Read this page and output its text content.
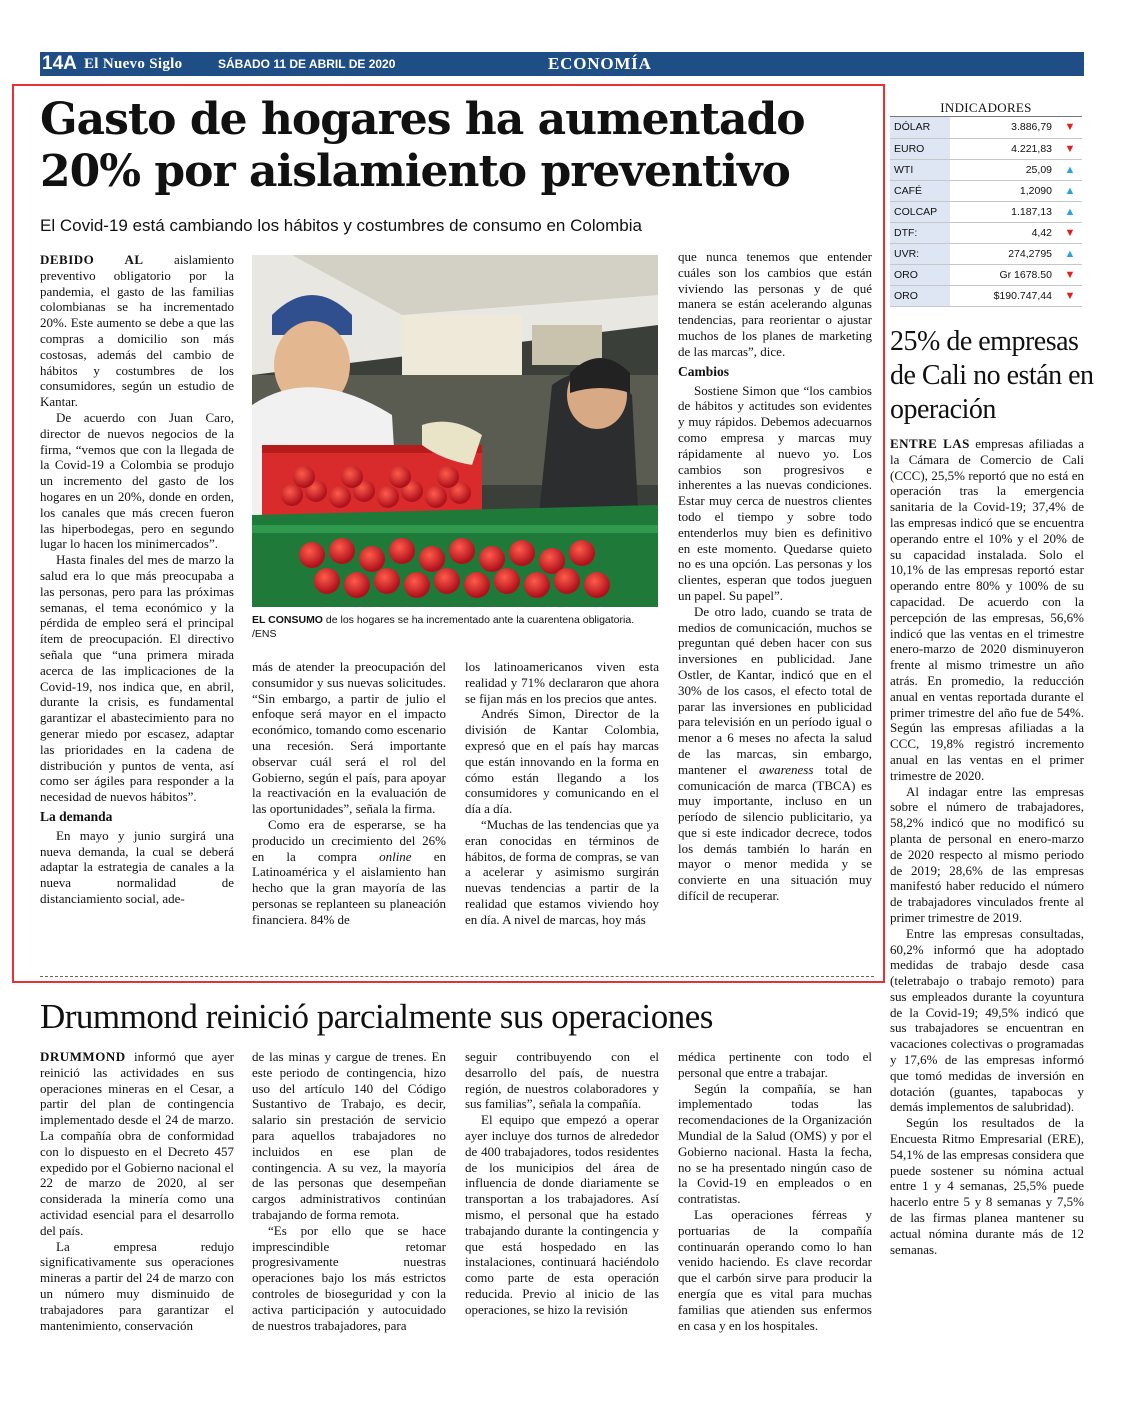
14A El Nuevo Siglo	SÁBADO 11 DE ABRIL DE 2020	ECONOMÍA
Gasto de hogares ha aumentado
20% por aislamiento preventivo
El Covid-19 está cambiando los hábitos y costumbres de consumo en Colombia

DEBIDO AL aislamiento preventivo obligatorio por la pandemia, el gasto de las familias colombianas se ha incrementado 20%. Este aumento se debe a que las compras a domicilio son más costosas, además del cambio de hábitos y costumbres de los consumidores, según un estudio de Kantar.

De acuerdo con Juan Caro, director de nuevos negocios de la firma, “vemos que con la llegada de la Covid-19 a Colombia se produjo un incremento del gasto de los hogares en un 20%, donde en orden, los canales que más crecen fueron las hiperbodegas, pero en segundo lugar lo hacen los minimercados”.

Hasta finales del mes de marzo la salud era lo que más preocupaba a las personas, pero para las próximas semanas, el tema económico y la pérdida de empleo será el principal ítem de preocupación. El directivo señala que “una primera mirada acerca de las implicaciones de la Covid-19, nos indica que, en abril, durante la crisis, es fundamental garantizar el abastecimiento para no generar miedo por escasez, adaptar las prioridades en la cadena de distribución y puntos de venta, así como ser ágiles para responder a la necesidad de nuevos hábitos”.

La demanda

En mayo y junio surgirá una nueva demanda, la cual se deberá adaptar la estrategia de canales a la nueva normalidad de distanciamiento social, ade-

EL CONSUMO de los hogares se ha incrementado ante la cuarentena obligatoria. /ENS

más de atender la preocupación del consumidor y sus nuevas solicitudes. “Sin embargo, a partir de julio el enfoque será mayor en el impacto económico, tomando como escenario una recesión. Será importante observar cuál será el rol del Gobierno, según el país, para apoyar la reactivación en la evaluación de las oportunidades”, señala la firma.

Como era de esperarse, se ha producido un crecimiento del 26% en la compra online en Latinoamérica y el aislamiento han hecho que la gran mayoría de las personas se replanteen su planeación financiera. 84% de

los latinoamericanos viven esta realidad y 71% declararon que ahora se fijan más en los precios que antes.

Andrés Simon, Director de la división de Kantar Colombia, expresó que en el país hay marcas que están innovando en la forma en cómo están llegando a los consumidores y comunicando en el día a día.

“Muchas de las tendencias que ya eran conocidas en términos de hábitos, de forma de compras, se van a acelerar y asimismo surgirán nuevas tendencias a partir de la realidad que estamos viviendo hoy en día. A nivel de marcas, hoy más

que nunca tenemos que entender cuáles son los cambios que están viviendo las personas y de qué manera se están acelerando algunas tendencias, para reorientar o ajustar muchos de los planes de marketing de las marcas”, dice.

Cambios

Sostiene Simon que “los cambios de hábitos y actitudes son evidentes y muy rápidos. Debemos adecuarnos como empresa y marcas muy rápidamente al nuevo yo. Los cambios son progresivos e inherentes a las nuevas condiciones. Estar muy cerca de nuestros clientes todo el tiempo y sobre todo entenderlos muy bien es definitivo en este momento. Quedarse quieto no es una opción. Las personas y los clientes, esperan que todos jueguen un papel. Su papel”.

De otro lado, cuando se trata de medios de comunicación, muchos se preguntan qué deben hacer con sus inversiones en publicidad. Jane Ostler, de Kantar, indicó que en el 30% de los casos, el efecto total de parar las inversiones en publicidad para televisión en un período igual o menor a 6 meses no afecta la salud de las marcas, sin embargo, mantener el awareness total de comunicación de marca (TBCA) es muy importante, incluso en un período de silencio publicitario, ya que si este indicador decrece, todos los demás también lo harán en mayor o menor medida y se convierte en una situación muy difícil de recuperar.

INDICADORES
DÓLAR	3.886,79	▼
EURO	4.221,83	▼
WTI	25,09	▲
CAFÉ	1,2090	▲
COLCAP	1.187,13	▲
DTF:	4,42	▼
UVR:	274,2795	▲
ORO	Gr 1678.50	▼
ORO	$190.747,44	▼
25% de empresas de Cali no están en operación

ENTRE LAS empresas afiliadas a la Cámara de Comercio de Cali (CCC), 25,5% reportó que no está en operación tras la emergencia sanitaria de la Covid-19; 37,4% de las empresas indicó que se encuentra operando entre el 10% y el 20% de su capacidad instalada. Solo el 10,1% de las empresas reportó estar operando entre 80% y 100% de su capacidad. De acuerdo con la percepción de las empresas, 56,6% indicó que las ventas en el trimestre enero-marzo de 2020 disminuyeron frente al mismo trimestre un año atrás. En promedio, la reducción anual en ventas reportada durante el primer trimestre del año fue de 54%. Según las empresas afiliadas a la CCC, 19,8% registró incremento anual en las ventas en el primer trimestre de 2020.

Al indagar entre las empresas sobre el número de trabajadores, 58,2% indicó que no modificó su planta de personal en enero-marzo de 2020 respecto al mismo periodo de 2019; 28,6% de las empresas manifestó haber reducido el número de trabajadores vinculados frente al primer trimestre de 2019.

Entre las empresas consultadas, 60,2% informó que ha adoptado medidas de trabajo desde casa (teletrabajo o trabajo remoto) para sus empleados durante la coyuntura de la Covid-19; 49,5% indicó que sus trabajadores se encuentran en vacaciones colectivas o programadas y 17,6% de las empresas informó que tomó medidas de inversión en dotación (guantes, tapabocas y demás implementos de salubridad).

Según los resultados de la Encuesta Ritmo Empresarial (ERE), 54,1% de las empresas considera que puede sostener su nómina actual entre 1 y 4 semanas, 25,5% puede hacerlo entre 5 y 8 semanas y 7,5% de las firmas planea mantener su actual nómina durante más de 12 semanas.

Drummond reinició parcialmente sus operaciones

DRUMMOND informó que ayer reinició las actividades en sus operaciones mineras en el Cesar, a partir del plan de contingencia implementado desde el 24 de marzo. La compañía obra de conformidad con lo dispuesto en el Decreto 457 expedido por el Gobierno nacional el 22 de marzo de 2020, al ser considerada la minería como una actividad esencial para el desarrollo del país.

La empresa redujo significativamente sus operaciones mineras a partir del 24 de marzo con un número muy disminuido de trabajadores para garantizar el mantenimiento, conservación

de las minas y cargue de trenes. En este periodo de contingencia, hizo uso del artículo 140 del Código Sustantivo de Trabajo, es decir, salario sin prestación de servicio para aquellos trabajadores no incluidos en ese plan de contingencia. A su vez, la mayoría de las personas que desempeñan cargos administrativos continúan trabajando de forma remota.

“Es por ello que se hace imprescindible retomar progresivamente nuestras operaciones bajo los más estrictos controles de bioseguridad y con la activa participación y autocuidado de nuestros trabajadores, para

seguir contribuyendo con el desarrollo del país, de nuestra región, de nuestros colaboradores y sus familias”, señala la compañía.

El equipo que empezó a operar ayer incluye dos turnos de alrededor de 400 trabajadores, todos residentes de los municipios del área de influencia de donde diariamente se transportan a los trabajadores. Así mismo, el personal que ha estado trabajando durante la contingencia y que está hospedado en las instalaciones, continuará haciéndolo como parte de esta operación reducida. Previo al inicio de las operaciones, se hizo la revisión

médica pertinente con todo el personal que entre a trabajar.

Según la compañía, se han implementado todas las recomendaciones de la Organización Mundial de la Salud (OMS) y por el Gobierno nacional. Hasta la fecha, no se ha presentado ningún caso de la Covid-19 en empleados o en contratistas.

Las operaciones férreas y portuarias de la compañía continuarán operando como lo han venido haciendo. Es clave recordar que el carbón sirve para producir la energía que es vital para muchas familias que atienden sus enfermos en casa y en los hospitales.
